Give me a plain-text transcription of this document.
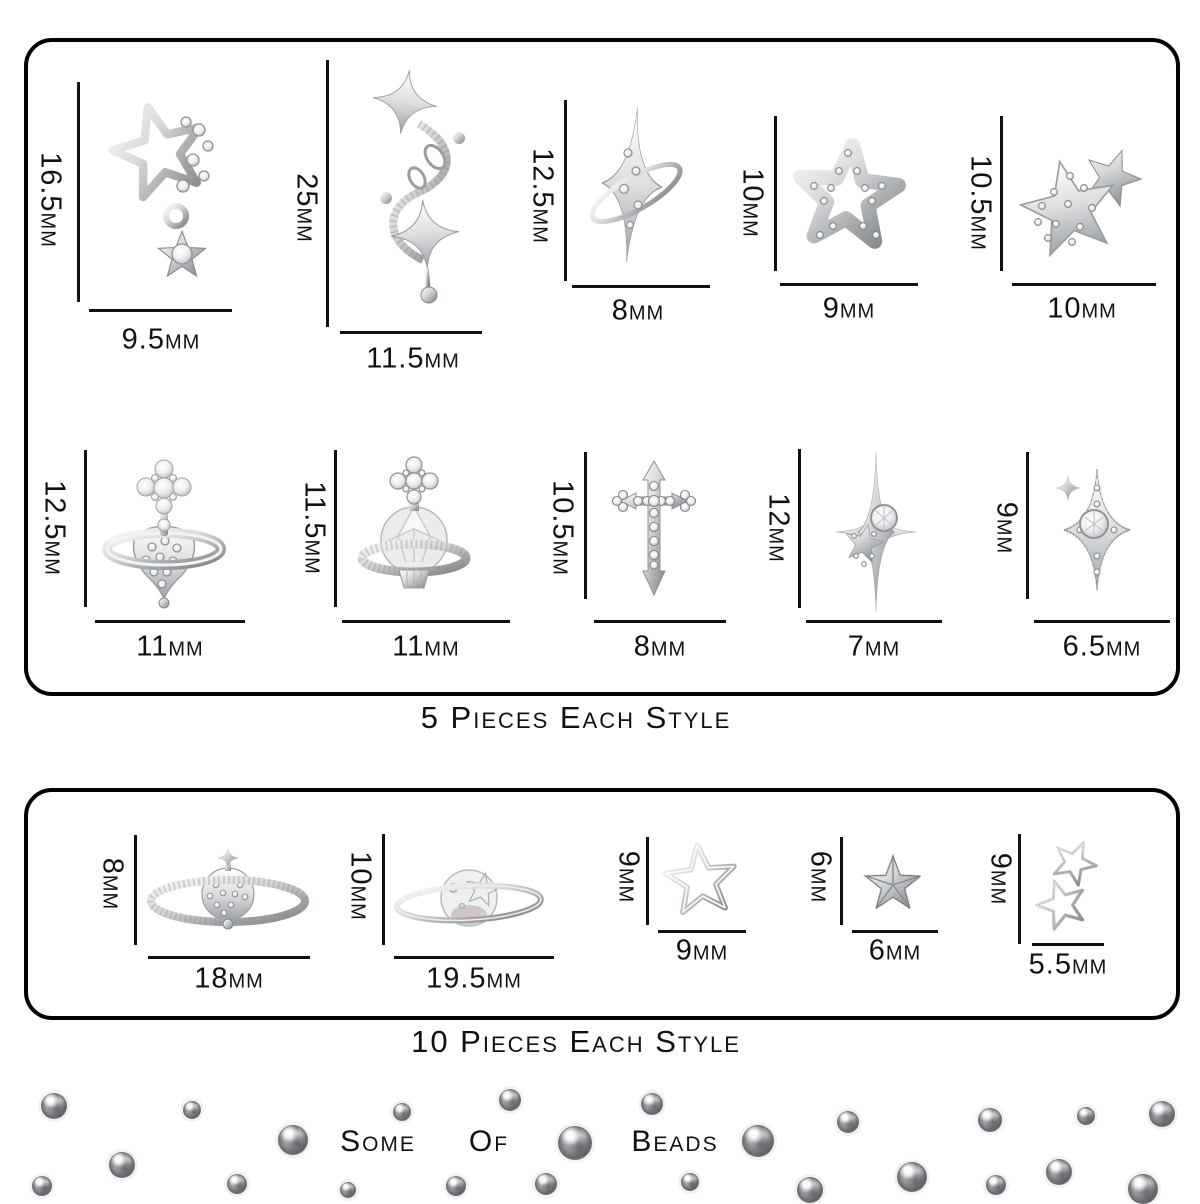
16.5mm
9.5mm
25mm
11.5mm
12.5mm
8mm
10mm
9mm
10.5mm
10mm
12.5mm
11mm
11.5mm
11mm
10.5mm
8mm
12mm
7mm
9mm
6.5mm
5 Pieces Each Style
8mm
18mm
10mm
19.5mm
9mm
9mm
6mm
6mm
9mm
5.5mm
10 Pieces Each Style
Some Of	Beads
